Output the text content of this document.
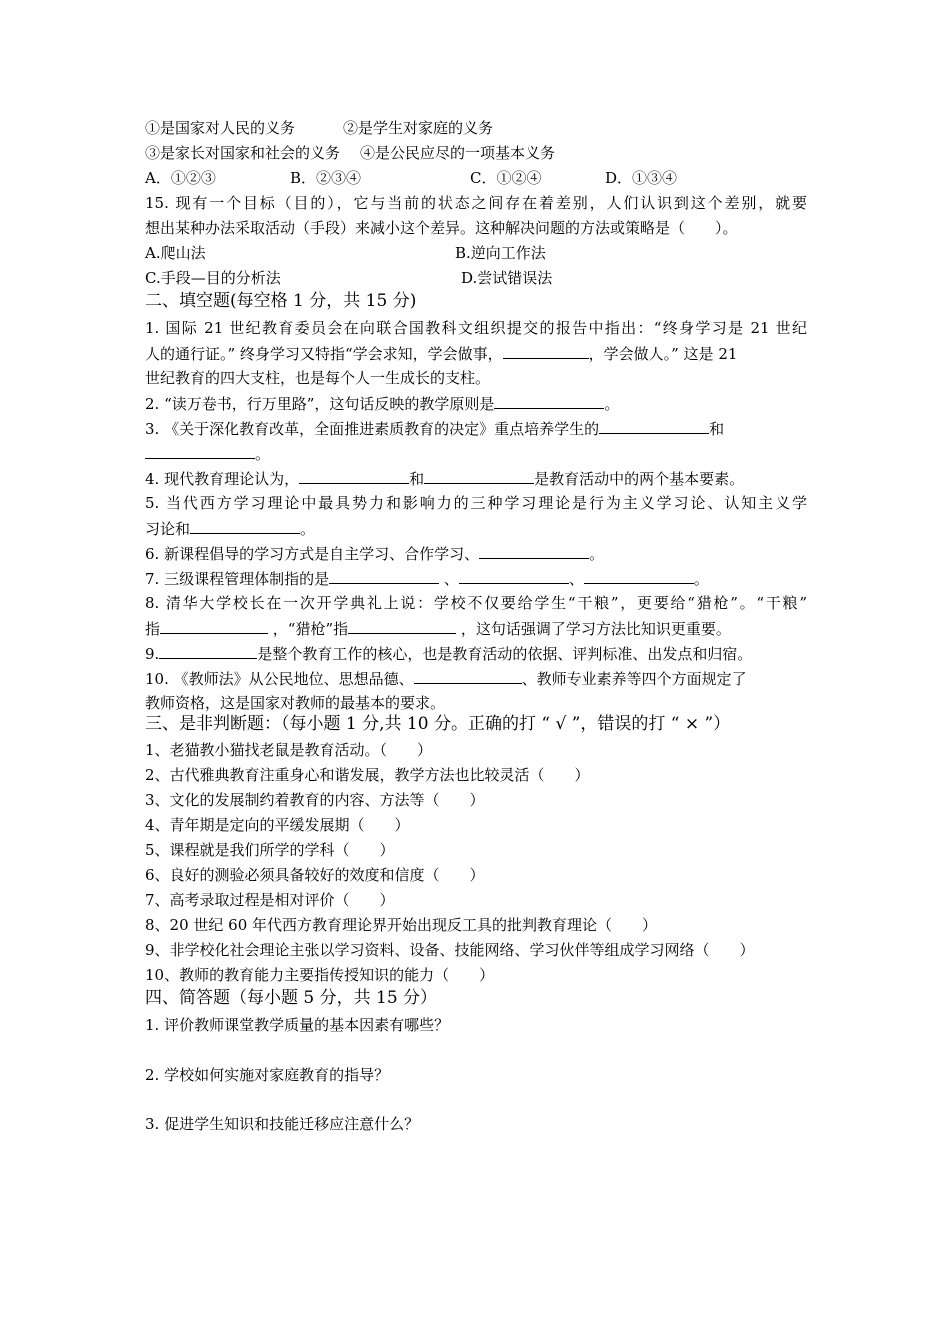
①是国家对人民的义务	②是学生对家庭的义务
③是家长对国家和社会的义务 ④是公民应尽的一项基本义务
A．①②③	B．②③④	C．①②④	D．①③④
15. 现有一个目标（目的），它与当前的状态之间存在着差别，人们认识到这个差别，就要
想出某种办法采取活动（手段）来减小这个差异。这种解决问题的方法或策略是（　　）。
A.爬山法	B.逆向工作法
C.手段—目的分析法	D.尝试错误法
二、填空题(每空格 1 分，共 15 分)
1. 国际 21 世纪教育委员会在向联合国教科文组织提交的报告中指出：“终身学习是 21 世纪
人的通行证。” 终身学习又特指“学会求知，学会做事，	，学会做人。” 这是 21
世纪教育的四大支柱，也是每个人一生成长的支柱。
2. “读万卷书，行万里路”，这句话反映的教学原则是	。
3. 《关于深化教育改革，全面推进素质教育的决定》重点培养学生的	和
。
4. 现代教育理论认为，	和	是教育活动中的两个基本要素。
5. 当代西方学习理论中最具势力和影响力的三种学习理论是行为主义学习论、认知主义学
习论和	。
6. 新课程倡导的学习方式是自主学习、合作学习、	。
7. 三级课程管理体制指的是	、	、	。
8. 清华大学校长在一次开学典礼上说：学校不仅要给学生“干粮”，更要给“猎枪”。“干粮”
指	，“猎枪”指	，这句话强调了学习方法比知识更重要。
9.	是整个教育工作的核心，也是教育活动的依据、评判标准、出发点和归宿。
10. 《教师法》从公民地位、思想品德、	、教师专业素养等四个方面规定了
教师资格，这是国家对教师的最基本的要求。
三、是非判断题：（每小题 1 分,共 10 分。正确的打 “ √ ”，错误的打 “ × ”）
1、老猫教小猫找老鼠是教育活动。（　　）
2、古代雅典教育注重身心和谐发展，教学方法也比较灵活（　　）
3、文化的发展制约着教育的内容、方法等（　　）
4、青年期是定向的平缓发展期（　　）
5、课程就是我们所学的学科（　　）
6、良好的测验必须具备较好的效度和信度（　　）
7、高考录取过程是相对评价（　　）
8、20 世纪 60 年代西方教育理论界开始出现反工具的批判教育理论（　　）
9、非学校化社会理论主张以学习资料、设备、技能网络、学习伙伴等组成学习网络（　　）
10、教师的教育能力主要指传授知识的能力（　　）
四、简答题（每小题 5 分，共 15 分）
1. 评价教师课堂教学质量的基本因素有哪些？
2. 学校如何实施对家庭教育的指导？
3. 促进学生知识和技能迁移应注意什么？
